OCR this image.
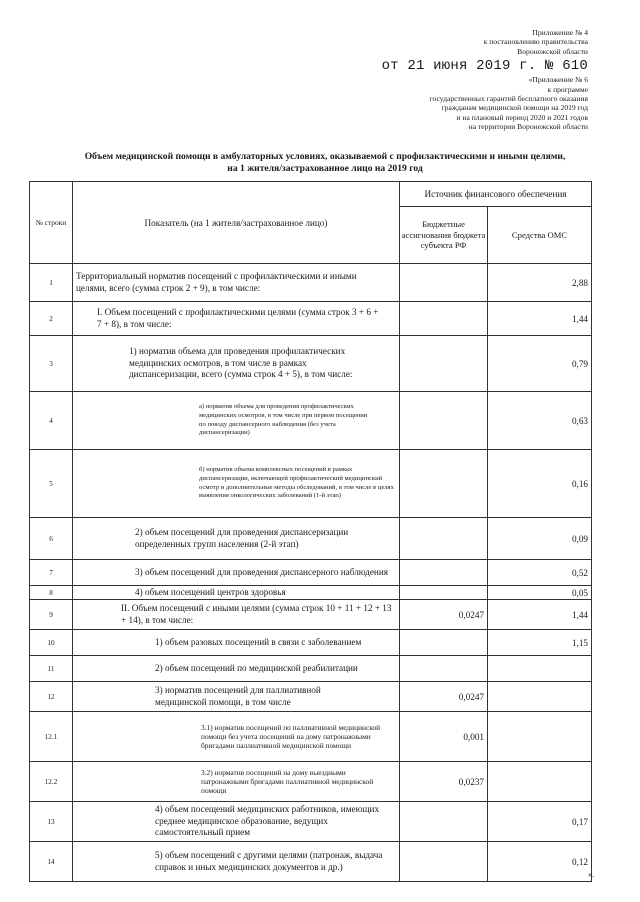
Приложение № 4
к постановлению правительства
Воронежской области
от 21 июня 2019 г. № 610
«Приложение № 6
к программе
государственных гарантий бесплатного оказания
гражданам медицинской помощи на 2019 год
и на плановый период 2020 и 2021 годов
на территории Воронежской области
Объем медицинской помощи в амбулаторных условиях, оказываемой с профилактическими и иными целями,
на 1 жителя/застрахованное лицо на 2019 год
№ строки	Показатель (на 1 жителя/застрахованное лицо)	Источник финансового обеспечения	
		Бюджетные ассигнования бюджета субъекта РФ	Средства ОМС
1	Территориальный норматив посещений с профилактическими и иными целями, всего (сумма строк 2 + 9), в том числе:		2,88
2	I. Объем посещений с профилактическими целями (сумма строк 3 + 6 + 7 + 8), в том числе:		1,44
3	1) норматив объема для проведения профилактических медицинских осмотров, в том числе в рамках диспансеризации, всего (сумма строк 4 + 5), в том числе:		0,79
4	а) норматив объема для проведения профилактических медицинских осмотров, в том числе при первом посещении по поводу диспансерного наблюдения (без учета диспансеризации)		0,63
5	б) норматив объема комплексных посещений в рамках диспансеризации, включающей профилактический медицинский осмотр и дополнительные методы обследований, в том числе в целях выявления онкологических заболеваний (1-й этап)		0,16
6	2) объем посещений для проведения диспансеризации определенных групп населения (2-й этап)		0,09
7	3) объем посещений для проведения диспансерного наблюдения		0,52
8	4) объем посещений центров здоровья		0,05
9	II. Объем посещений с иными целями (сумма строк 10 + 11 + 12 + 13 + 14), в том числе:	0,0247	1,44
10	1) объем разовых посещений в связи с заболеванием		1,15
11	2) объем посещений по медицинской реабилитации		
12	3) норматив посещений для паллиативной медицинской помощи, в том числе	0,0247	
12.1	3.1) норматив посещений по паллиативной медицинской помощи без учета посещений на дому патронажными бригадами паллиативной медицинской помощи	0,001	
12.2	3.2) норматив посещений на дому выездными патронажными бригадами паллиативной медицинской помощи	0,0237	
13	4) объем посещений медицинских работников, имеющих среднее медицинское образование, ведущих самостоятельный прием		0,17
14	5) объем посещений с другими целями (патронаж, выдача справок и иных медицинских документов и др.)		0,12
».
